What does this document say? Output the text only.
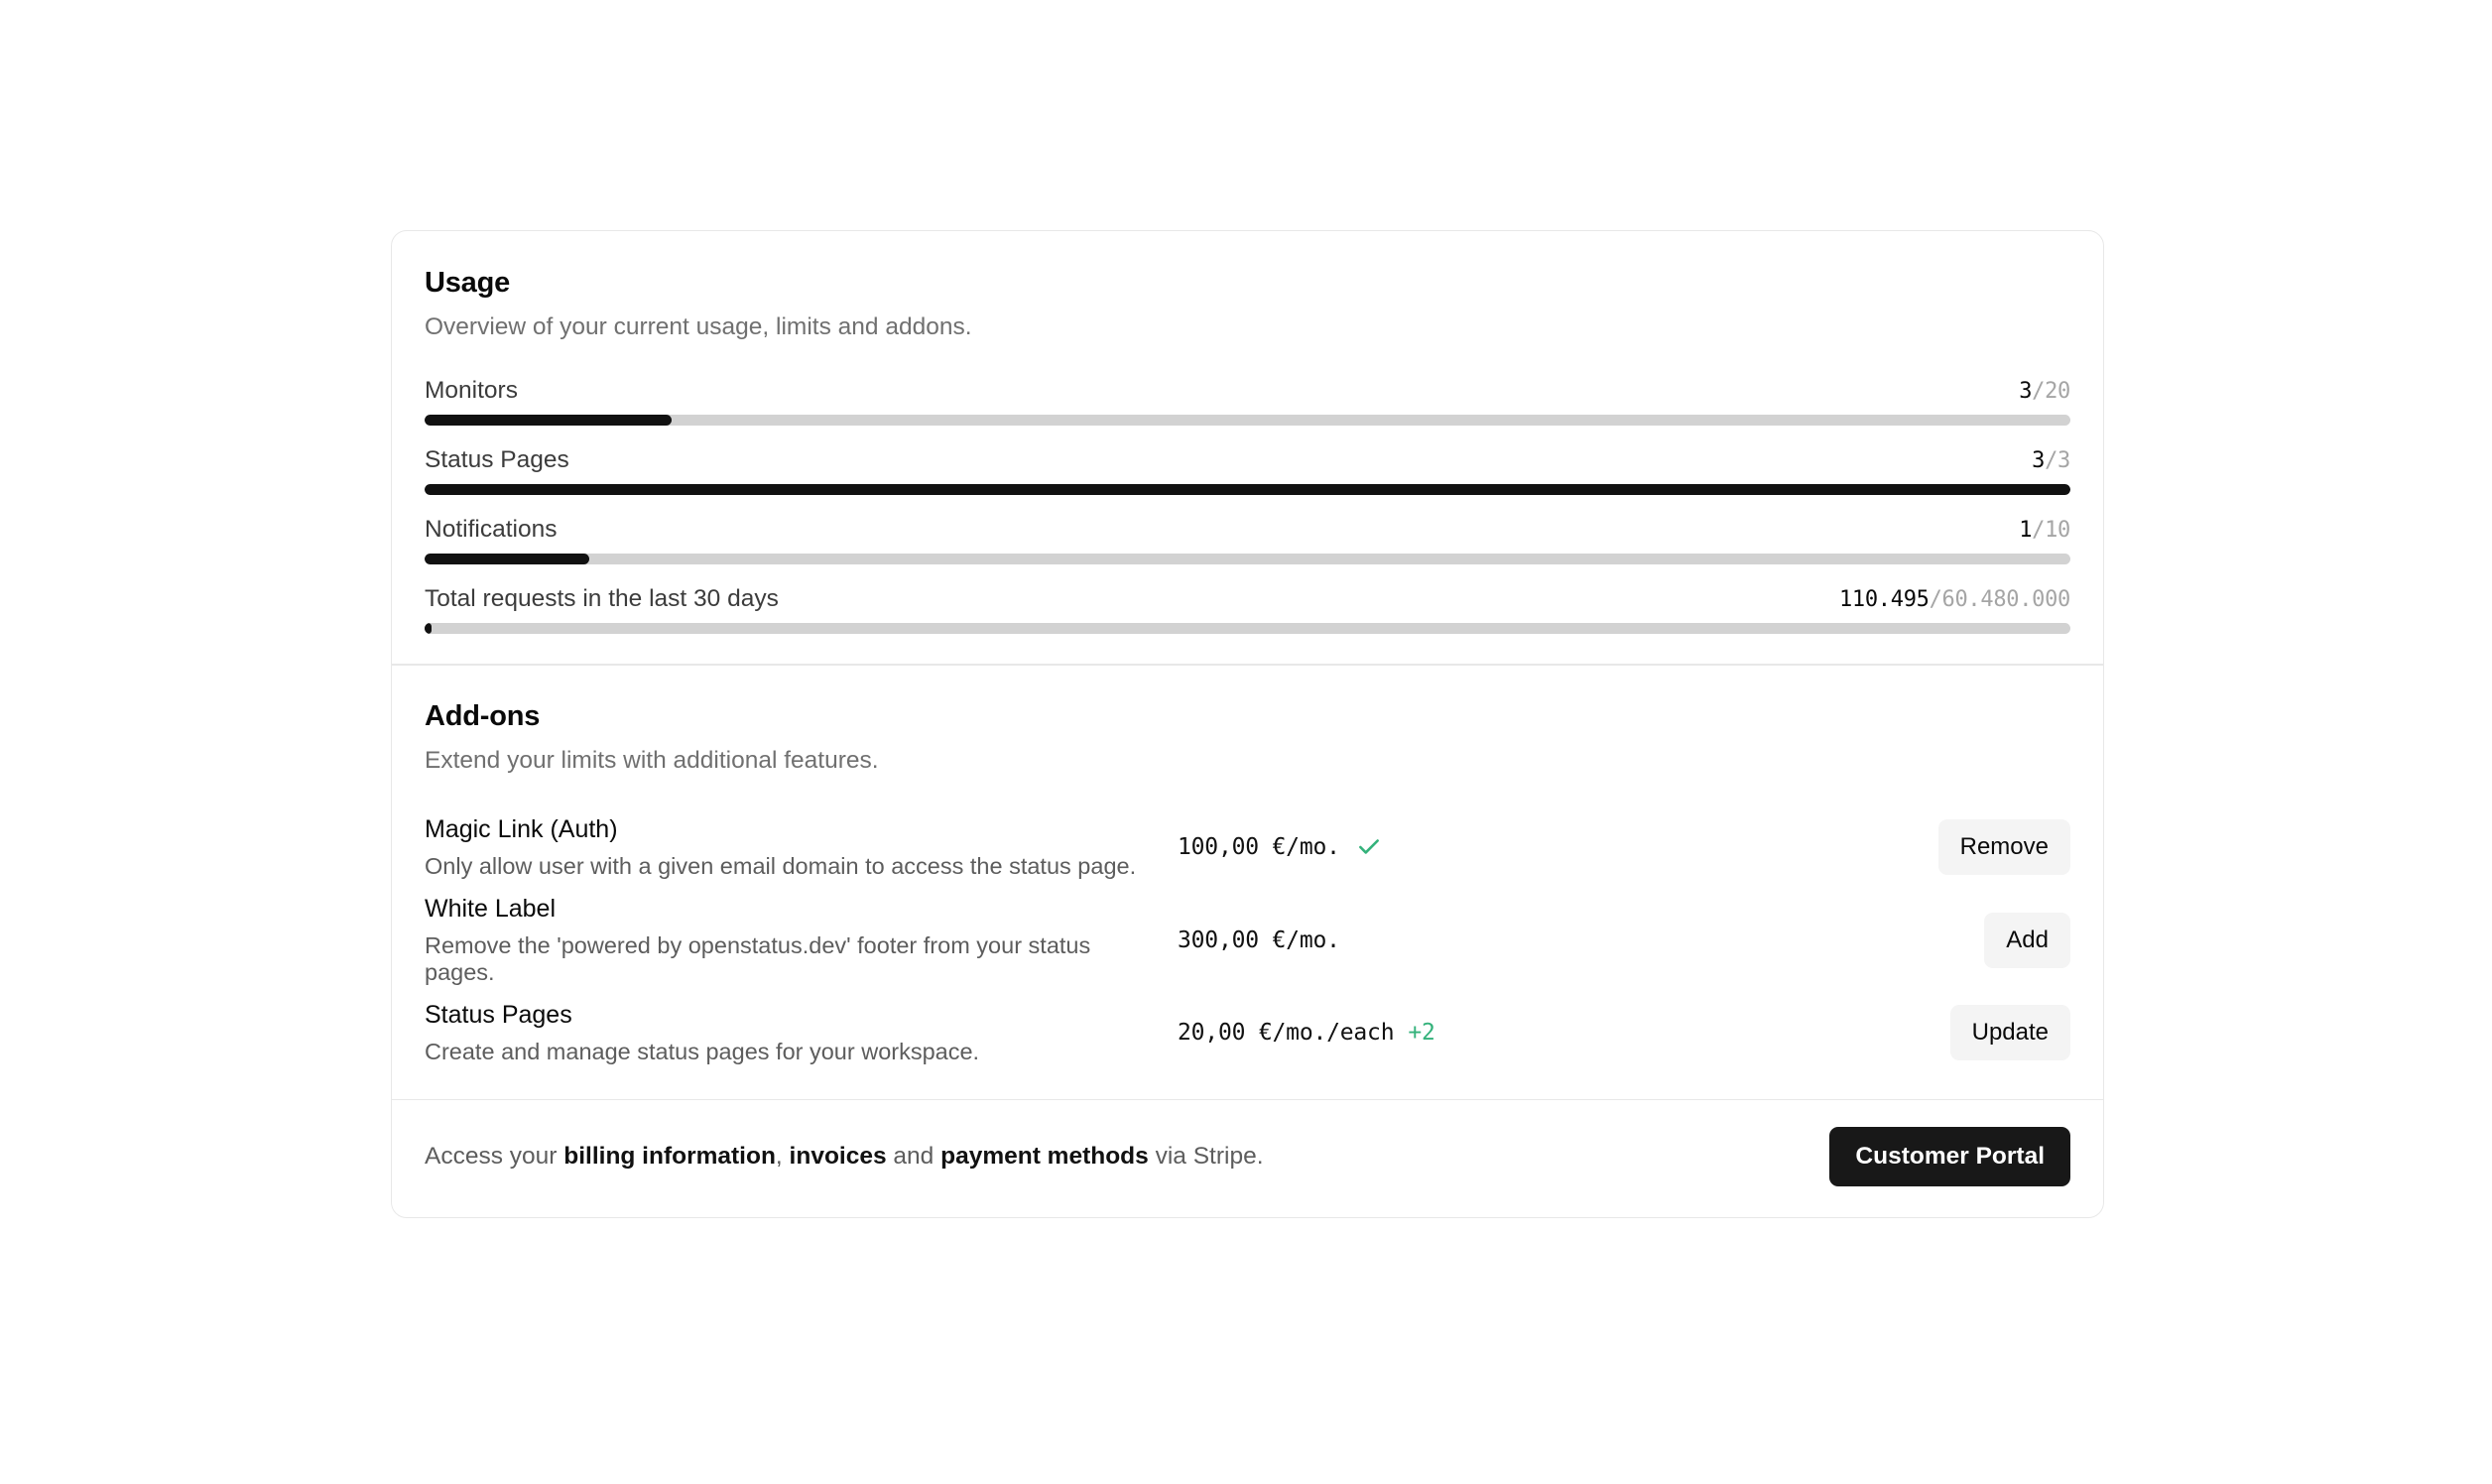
Usage
Overview of your current usage, limits and addons.
Monitors	3/20
Status Pages	3/3
Notifications	1/10
Total requests in the last 30 days	110.495/60.480.000
Add-ons
Extend your limits with additional features.
Magic Link (Auth)
Only allow user with a given email domain to access the status page.
100,00 €/mo.	Remove
White Label
Remove the 'powered by openstatus.dev' footer from your status pages.
300,00 €/mo.	Add
Status Pages
Create and manage status pages for your workspace.
20,00 €/mo./each +2	Update
Access your billing information, invoices and payment methods via Stripe.	Customer Portal
